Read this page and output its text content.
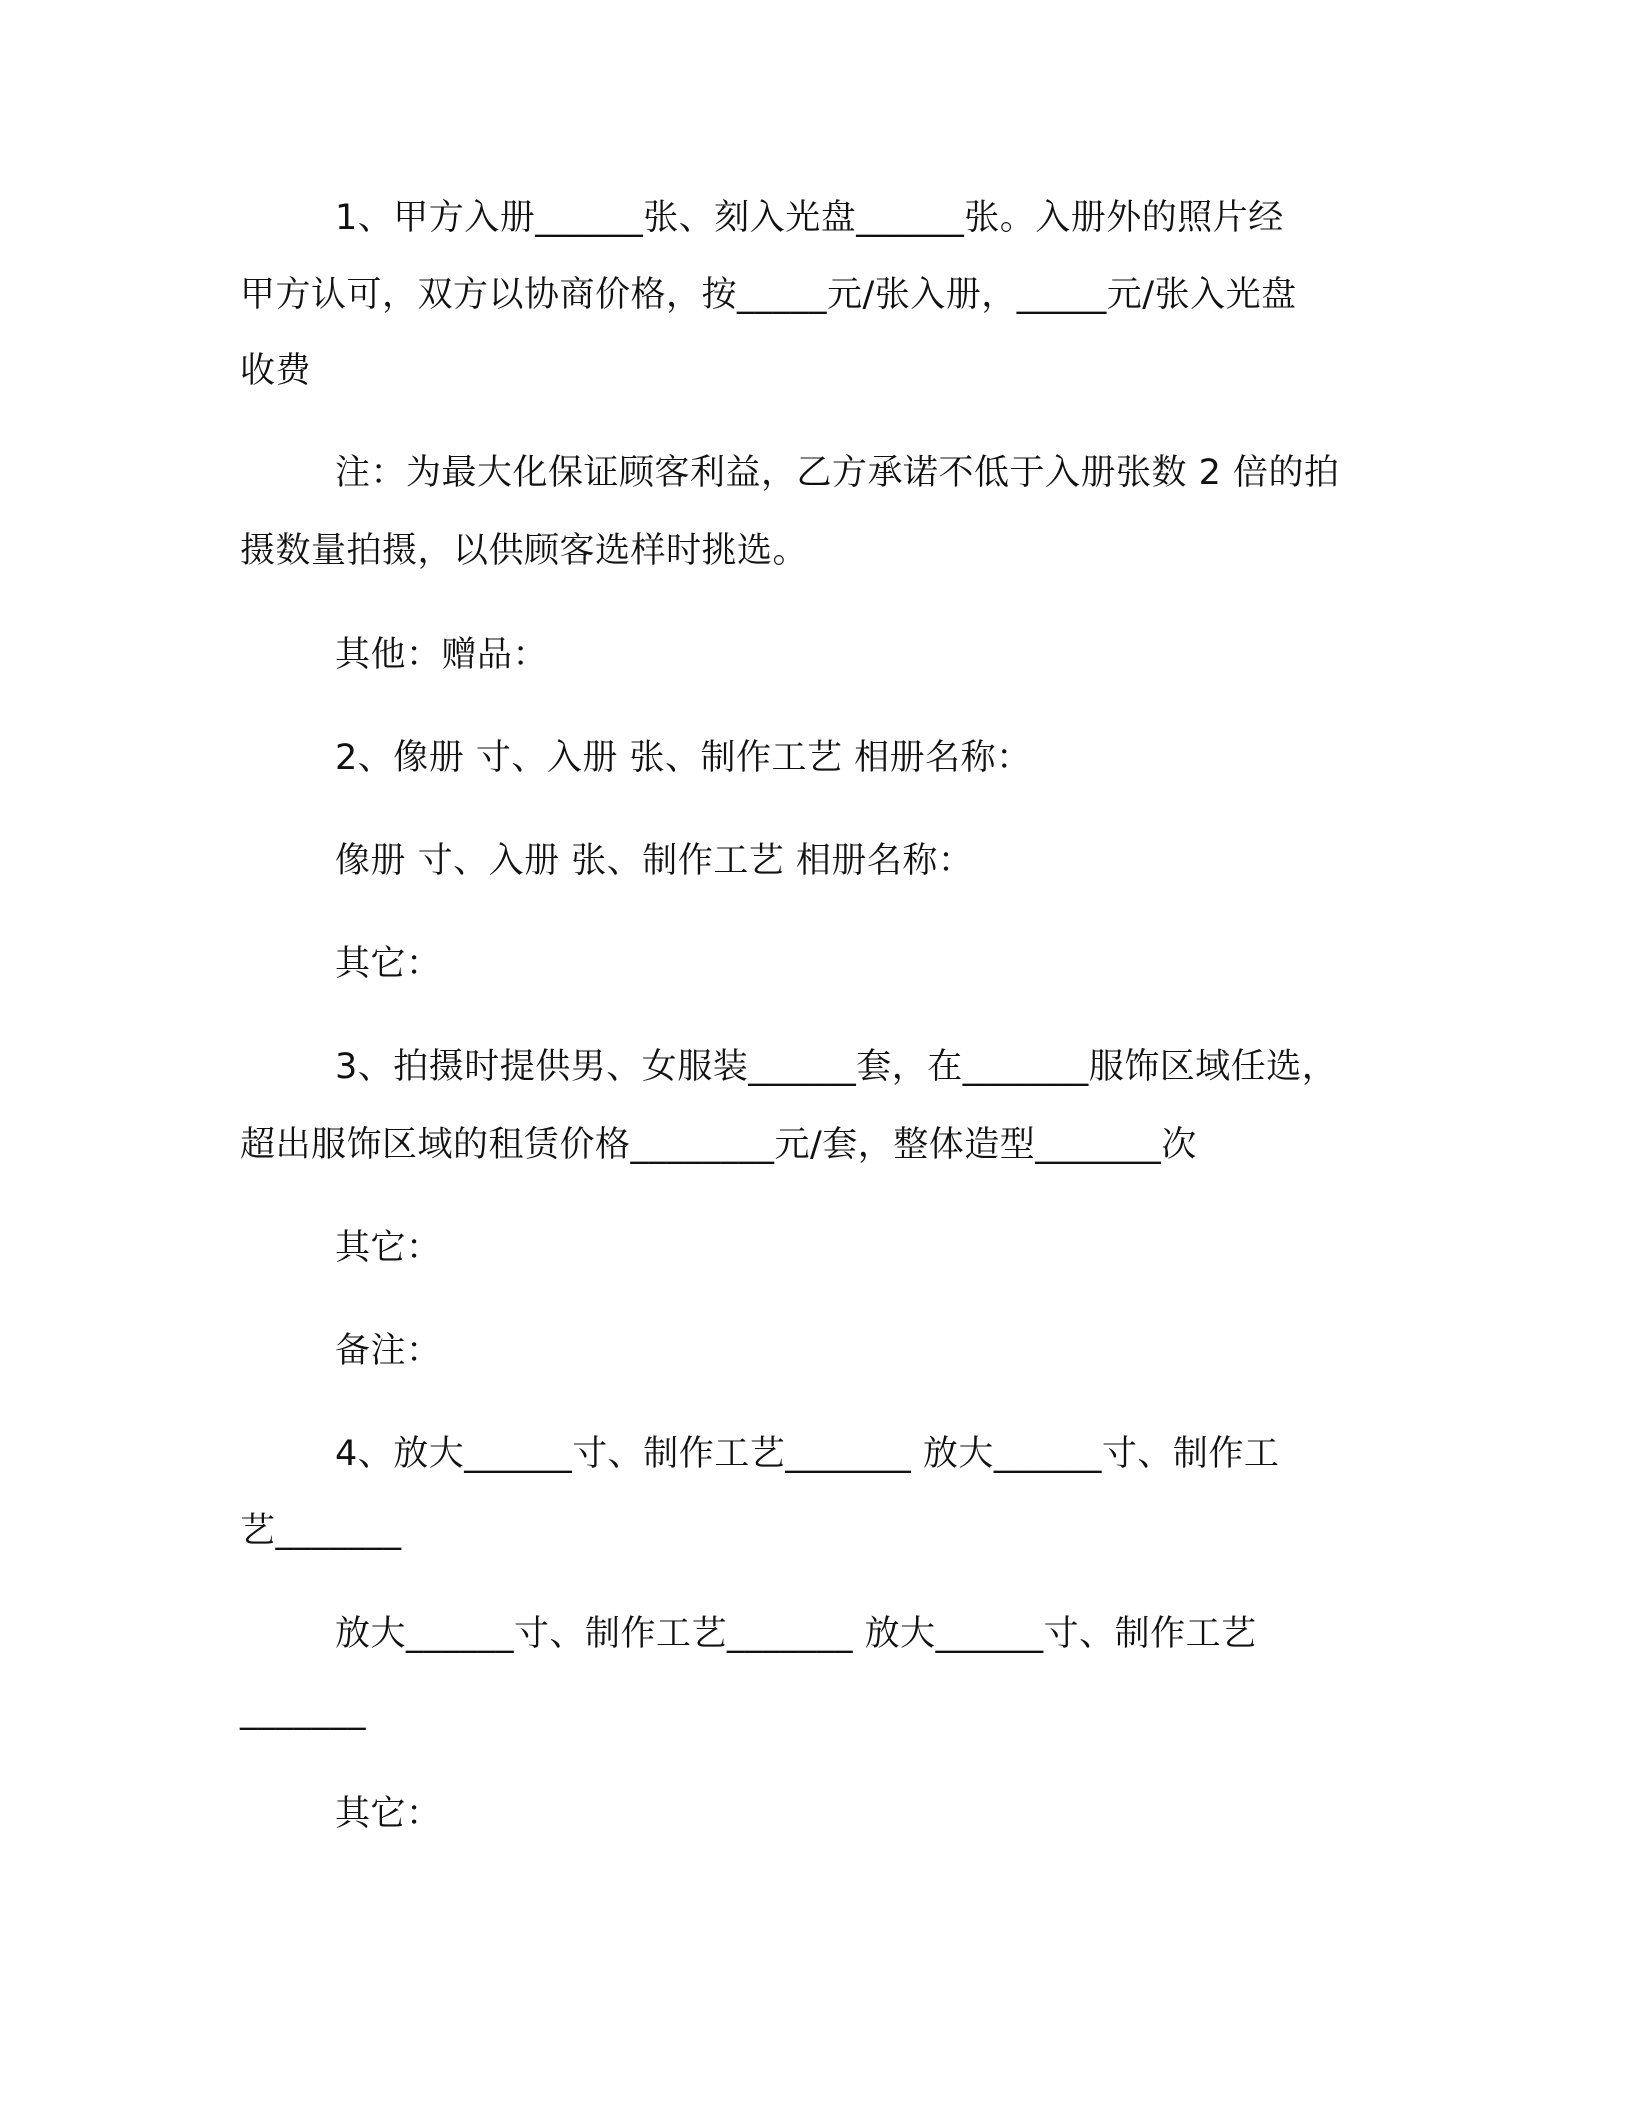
1、甲方入册______张、刻入光盘______张。入册外的照片经
甲方认可，双方以协商价格，按_____元/张入册，_____元/张入光盘
收费
注：为最大化保证顾客利益，乙方承诺不低于入册张数 2 倍的拍
摄数量拍摄，以供顾客选样时挑选。
其他：赠品：
2、像册 寸、入册 张、制作工艺 相册名称：
像册 寸、入册 张、制作工艺 相册名称：
其它：
3、拍摄时提供男、女服装______套，在_______服饰区域任选，
超出服饰区域的租赁价格________元/套，整体造型_______次
其它：
备注：
4、放大______寸、制作工艺_______ 放大______寸、制作工
艺_______
放大______寸、制作工艺_______ 放大______寸、制作工艺
_______
其它：
